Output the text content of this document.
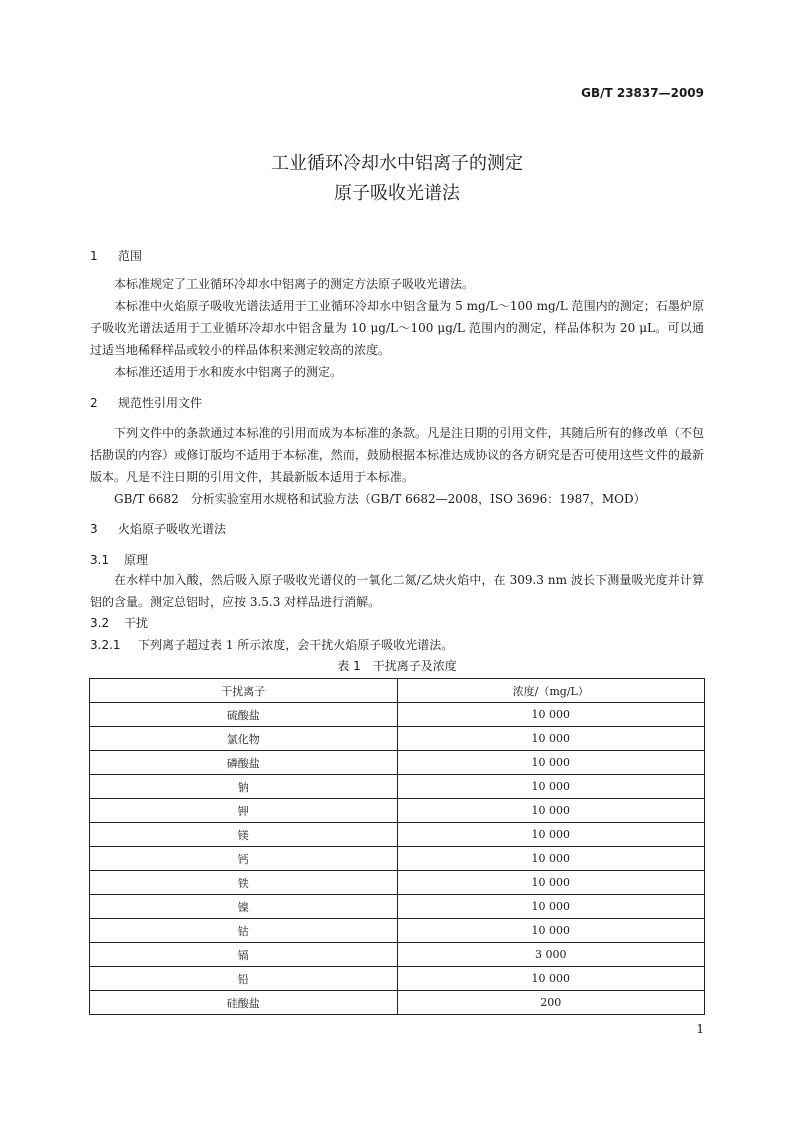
GB/T 23837—2009
工业循环冷却水中铝离子的测定
原子吸收光谱法
1 范围

本标准规定了工业循环冷却水中铝离子的测定方法原子吸收光谱法。

本标准中火焰原子吸收光谱法适用于工业循环冷却水中铝含量为 5 mg/L～100 mg/L 范围内的测定；石墨炉原子吸收光谱法适用于工业循环冷却水中铝含量为 10 μg/L～100 μg/L 范围内的测定，样品体积为 20 μL。可以通过适当地稀释样品或较小的样品体积来测定较高的浓度。

本标准还适用于水和废水中铝离子的测定。

2 规范性引用文件

下列文件中的条款通过本标准的引用而成为本标准的条款。凡是注日期的引用文件，其随后所有的修改单（不包括勘误的内容）或修订版均不适用于本标准，然而，鼓励根据本标准达成协议的各方研究是否可使用这些文件的最新版本。凡是不注日期的引用文件，其最新版本适用于本标准。

GB/T 6682　分析实验室用水规格和试验方法（GB/T 6682—2008，ISO 3696：1987，MOD）

3 火焰原子吸收光谱法
3.1 原理

在水样中加入酸，然后吸入原子吸收光谱仪的一氧化二氮/乙炔火焰中，在 309.3 nm 波长下测量吸光度并计算铝的含量。测定总铝时，应按 3.5.3 对样品进行消解。

3.2 干扰

3.2.1 下列离子超过表 1 所示浓度，会干扰火焰原子吸收光谱法。

表 1　干扰离子及浓度
干扰离子	浓度/（mg/L）
硫酸盐	10 000
氯化物	10 000
磷酸盐	10 000
钠	10 000
钾	10 000
镁	10 000
钙	10 000
铁	10 000
镍	10 000
钴	10 000
镉	3 000
铅	10 000
硅酸盐	200
1
